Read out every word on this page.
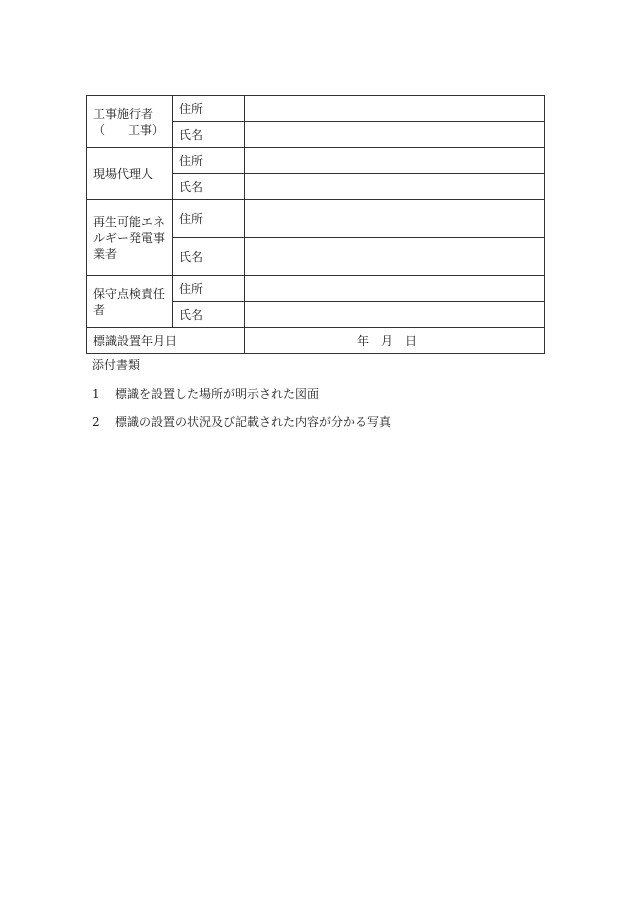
工事施行者
（ 工事）	住所	
	氏名	
現場代理人	住所	
	氏名	

再生可能エネ
ルギー発電事
業者	住所	
	氏名	

保守点検責任
者	住所	
	氏名	
標識設置年月日		年 月 日
添付書類
1	標識を設置した場所が明示された図面
2	標識の設置の状況及び記載された内容が分かる写真
